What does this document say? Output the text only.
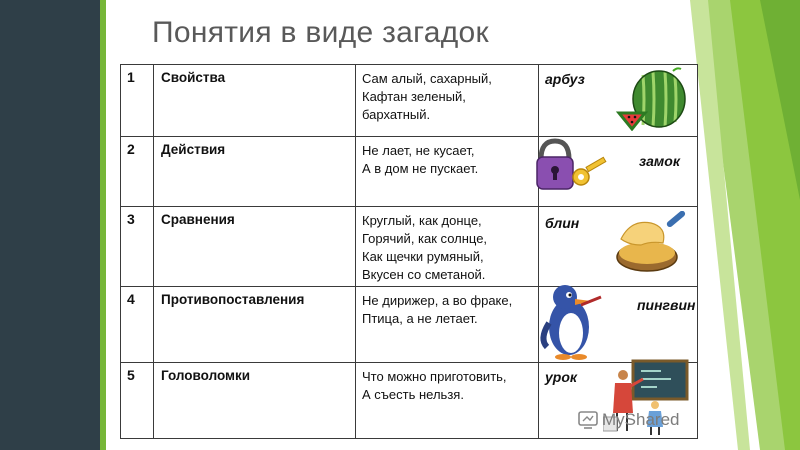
Понятия в виде загадок
1	Свойства	Сам алый, сахарный,
Кафтан зеленый,
бархатный.	арбуз

2	Действия	Не лает, не кусает,
А в дом не пускает.	замок

3	Сравнения	Круглый, как донце,
Горячий, как солнце,
Как щечки румяный,
Вкусен со сметаной.	блин

4	Противопоставления	Не дирижер, а во фраке,
Птица, а не летает.	пингвин

5	Головоломки	Что можно приготовить,
А съесть нельзя.	урок
MyShared
